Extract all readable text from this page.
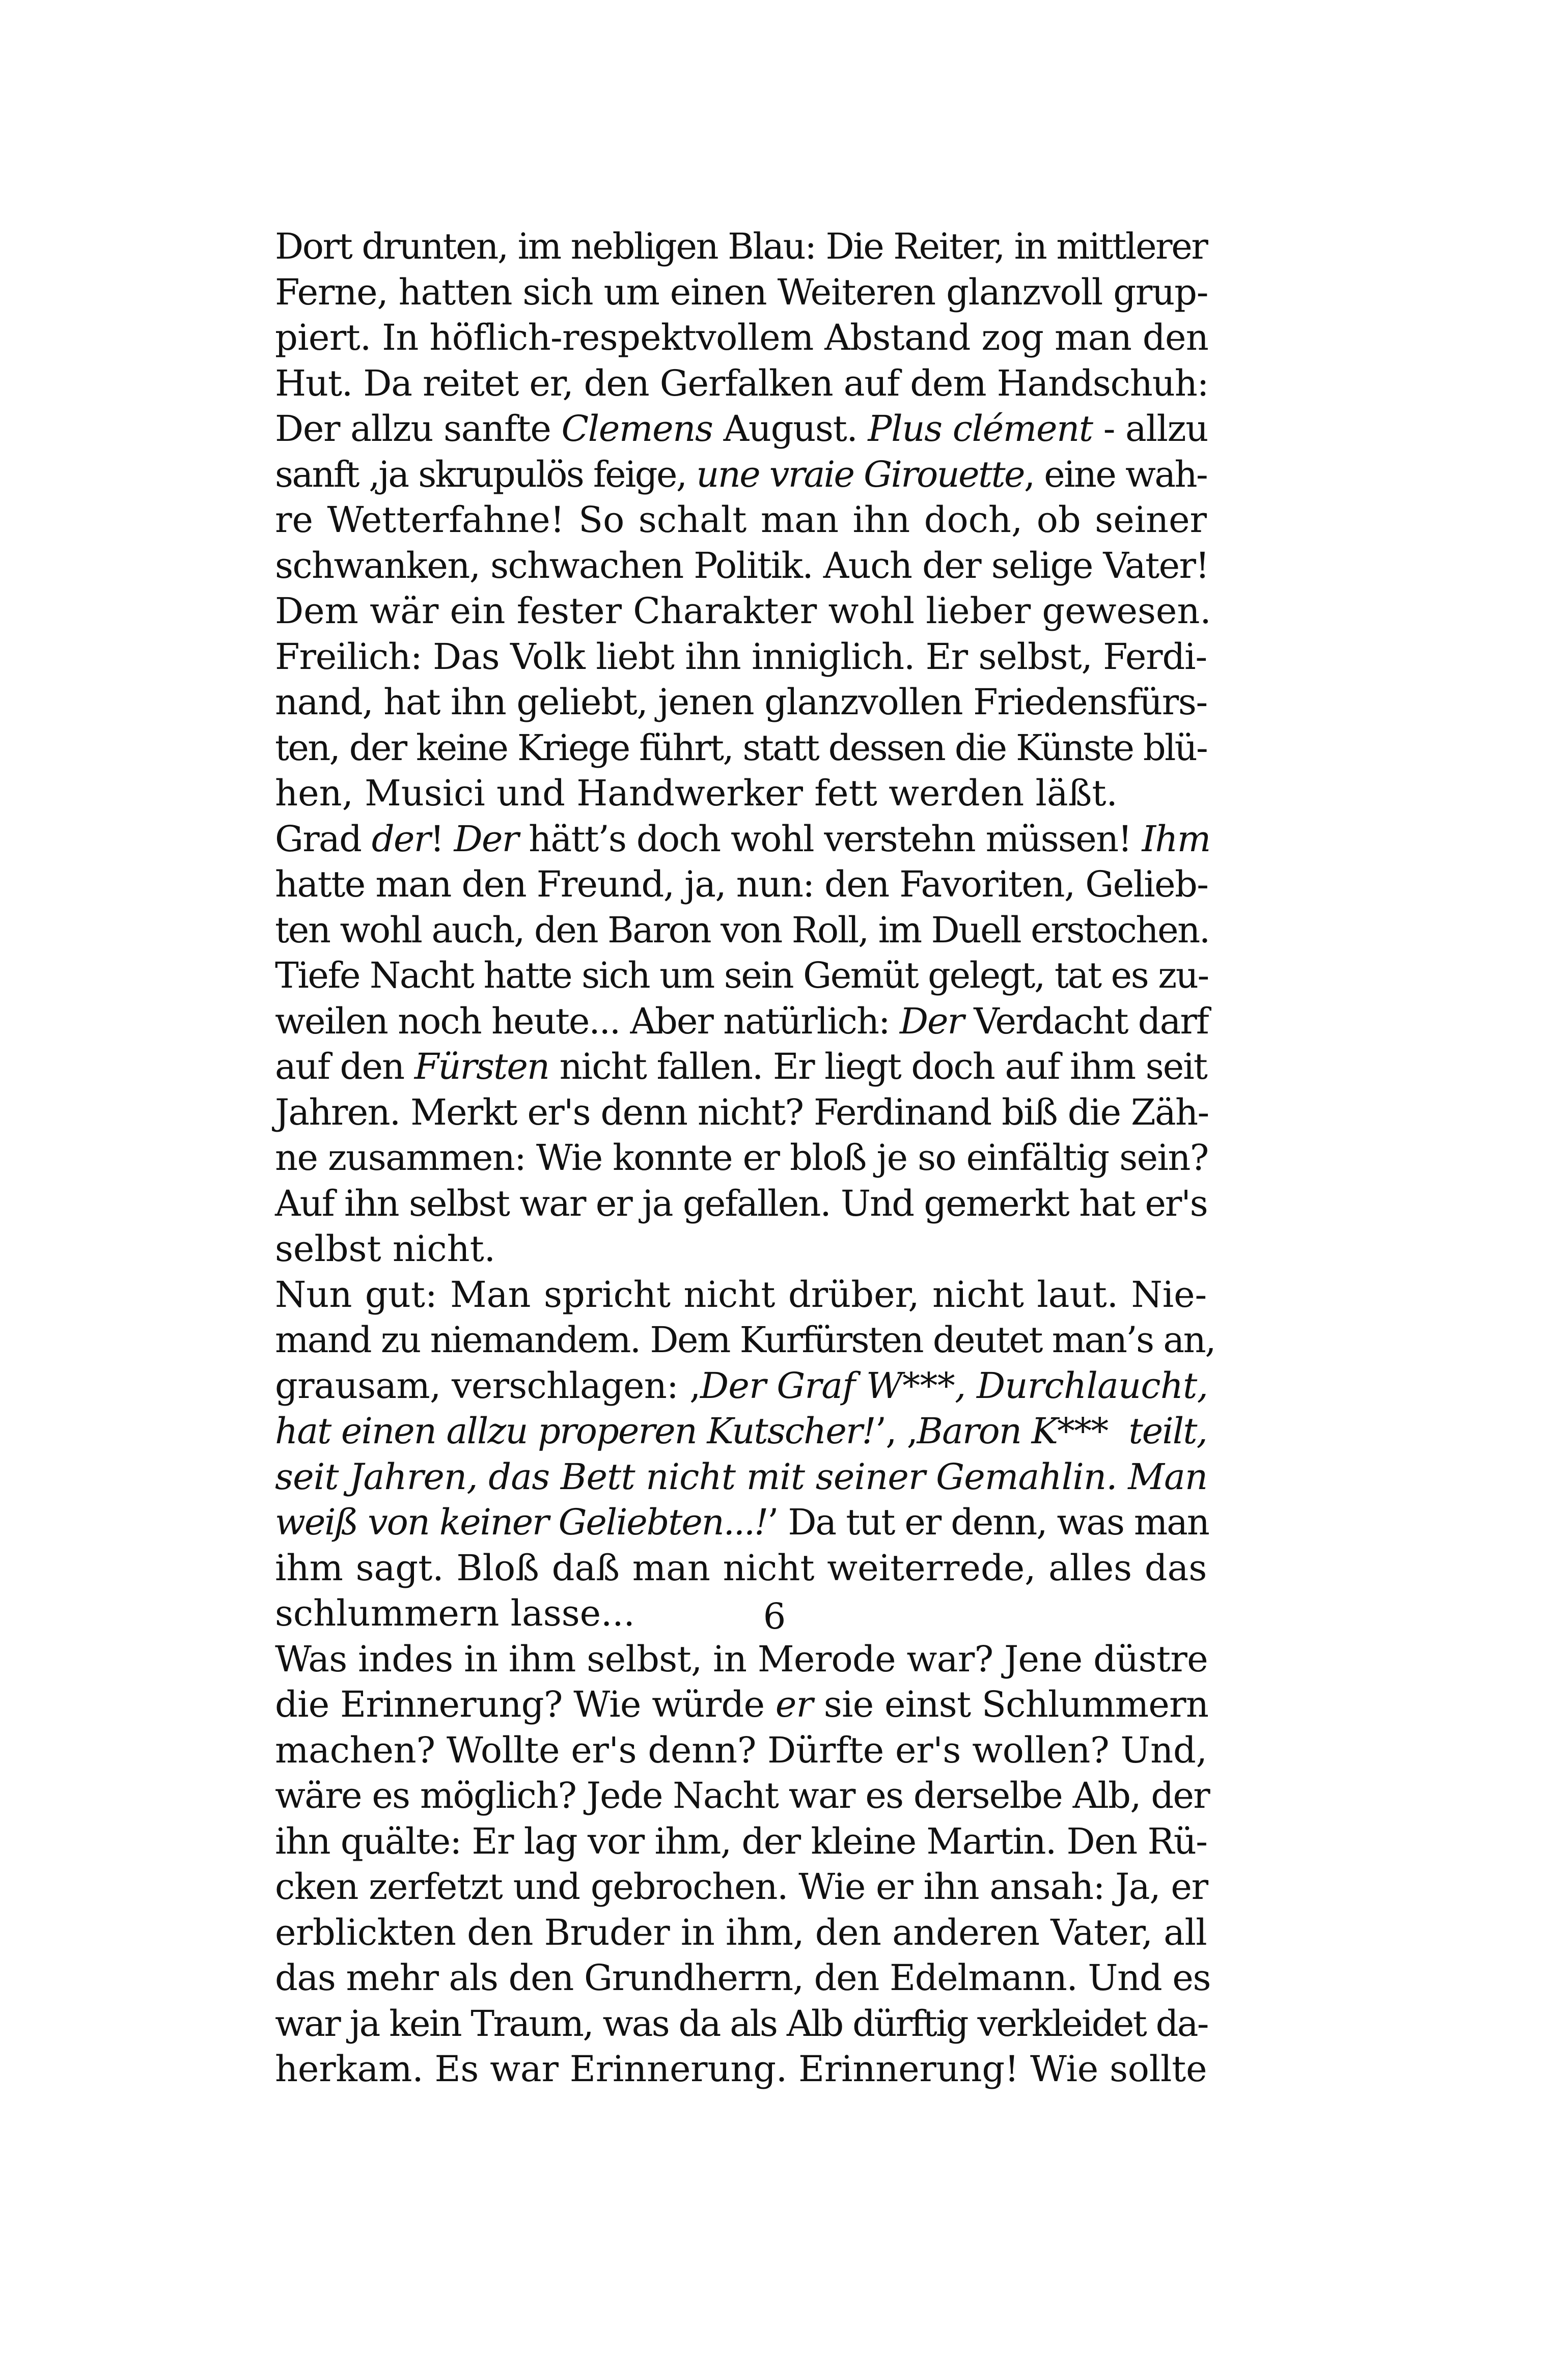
Dort drunten, im nebligen Blau: Die Reiter, in mittlerer
Ferne, hatten sich um einen Weiteren glanzvoll grup-
piert. In höflich-respektvollem Abstand zog man den
Hut. Da reitet er, den Gerfalken auf dem Handschuh:
Der allzu sanfte Clemens August. Plus clément - allzu
sanft ‚ja skrupulös feige, une vraie Girouette, eine wah-
re Wetterfahne! So schalt man ihn doch, ob seiner
schwanken, schwachen Politik. Auch der selige Vater!
Dem wär ein fester Charakter wohl lieber gewesen.
Freilich: Das Volk liebt ihn inniglich. Er selbst, Ferdi-
nand, hat ihn geliebt, jenen glanzvollen Friedensfürs-
ten, der keine Kriege führt, statt dessen die Künste blü-
hen, Musici und Handwerker fett werden läßt.
Grad der! Der hätt’s doch wohl verstehn müssen! Ihm
hatte man den Freund, ja, nun: den Favoriten, Gelieb-
ten wohl auch, den Baron von Roll, im Duell erstochen.
Tiefe Nacht hatte sich um sein Gemüt gelegt, tat es zu-
weilen noch heute... Aber natürlich: Der Verdacht darf
auf den Fürsten nicht fallen. Er liegt doch auf ihm seit
Jahren. Merkt er's denn nicht? Ferdinand biß die Zäh-
ne zusammen: Wie konnte er bloß je so einfältig sein?
Auf ihn selbst war er ja gefallen. Und gemerkt hat er's
selbst nicht.
Nun gut: Man spricht nicht drüber, nicht laut. Nie-
mand zu niemandem. Dem Kurfürsten deutet man’s an,
grausam, verschlagen: ‚Der Graf W***, Durchlaucht,
hat einen allzu properen Kutscher!’, ‚Baron K***  teilt,
seit Jahren, das Bett nicht mit seiner Gemahlin. Man
weiß von keiner Geliebten...!’ Da tut er denn, was man
ihm sagt. Bloß daß man nicht weiterrede, alles das
schlummern lasse...
Was indes in ihm selbst, in Merode war? Jene düstre
die Erinnerung? Wie würde er sie einst Schlummern
machen? Wollte er's denn? Dürfte er's wollen? Und,
wäre es möglich? Jede Nacht war es derselbe Alb, der
ihn quälte: Er lag vor ihm, der kleine Martin. Den Rü-
cken zerfetzt und gebrochen. Wie er ihn ansah: Ja, er
erblickten den Bruder in ihm, den anderen Vater, all
das mehr als den Grundherrn, den Edelmann. Und es
war ja kein Traum, was da als Alb dürftig verkleidet da-
herkam. Es war Erinnerung. Erinnerung! Wie sollte
6
